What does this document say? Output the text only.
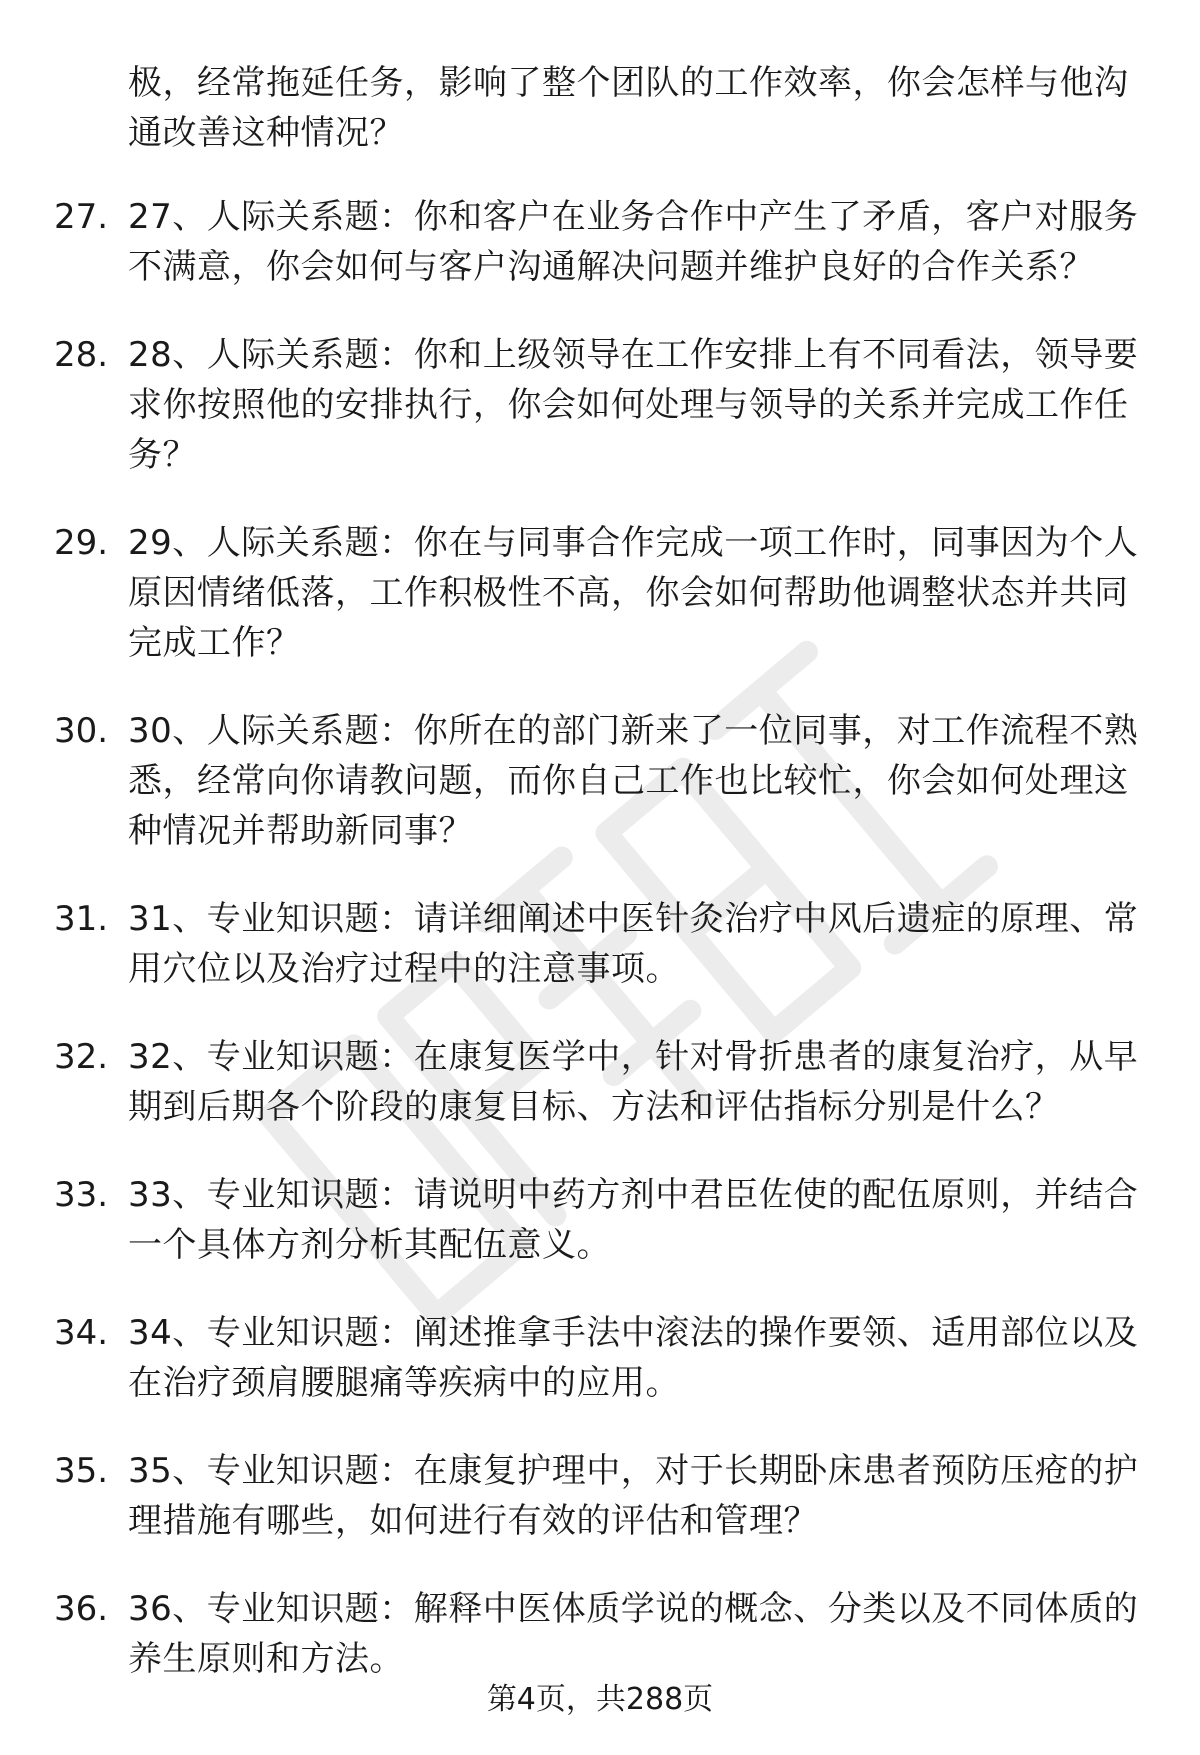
极，经常拖延任务，影响了整个团队的工作效率，你会怎样与他沟通改善这种情况？
27. 27、人际关系题：你和客户在业务合作中产生了矛盾，客户对服务不满意，你会如何与客户沟通解决问题并维护良好的合作关系？
28. 28、人际关系题：你和上级领导在工作安排上有不同看法，领导要求你按照他的安排执行，你会如何处理与领导的关系并完成工作任务？
29. 29、人际关系题：你在与同事合作完成一项工作时，同事因为个人原因情绪低落，工作积极性不高，你会如何帮助他调整状态并共同完成工作？
30. 30、人际关系题：你所在的部门新来了一位同事，对工作流程不熟悉，经常向你请教问题，而你自己工作也比较忙，你会如何处理这种情况并帮助新同事？
31. 31、专业知识题：请详细阐述中医针灸治疗中风后遗症的原理、常用穴位以及治疗过程中的注意事项。
32. 32、专业知识题：在康复医学中，针对骨折患者的康复治疗，从早期到后期各个阶段的康复目标、方法和评估指标分别是什么？
33. 33、专业知识题：请说明中药方剂中君臣佐使的配伍原则，并结合一个具体方剂分析其配伍意义。
34. 34、专业知识题：阐述推拿手法中滚法的操作要领、适用部位以及在治疗颈肩腰腿痛等疾病中的应用。
35. 35、专业知识题：在康复护理中，对于长期卧床患者预防压疮的护理措施有哪些，如何进行有效的评估和管理？
36. 36、专业知识题：解释中医体质学说的概念、分类以及不同体质的养生原则和方法。
第4页，共288页
